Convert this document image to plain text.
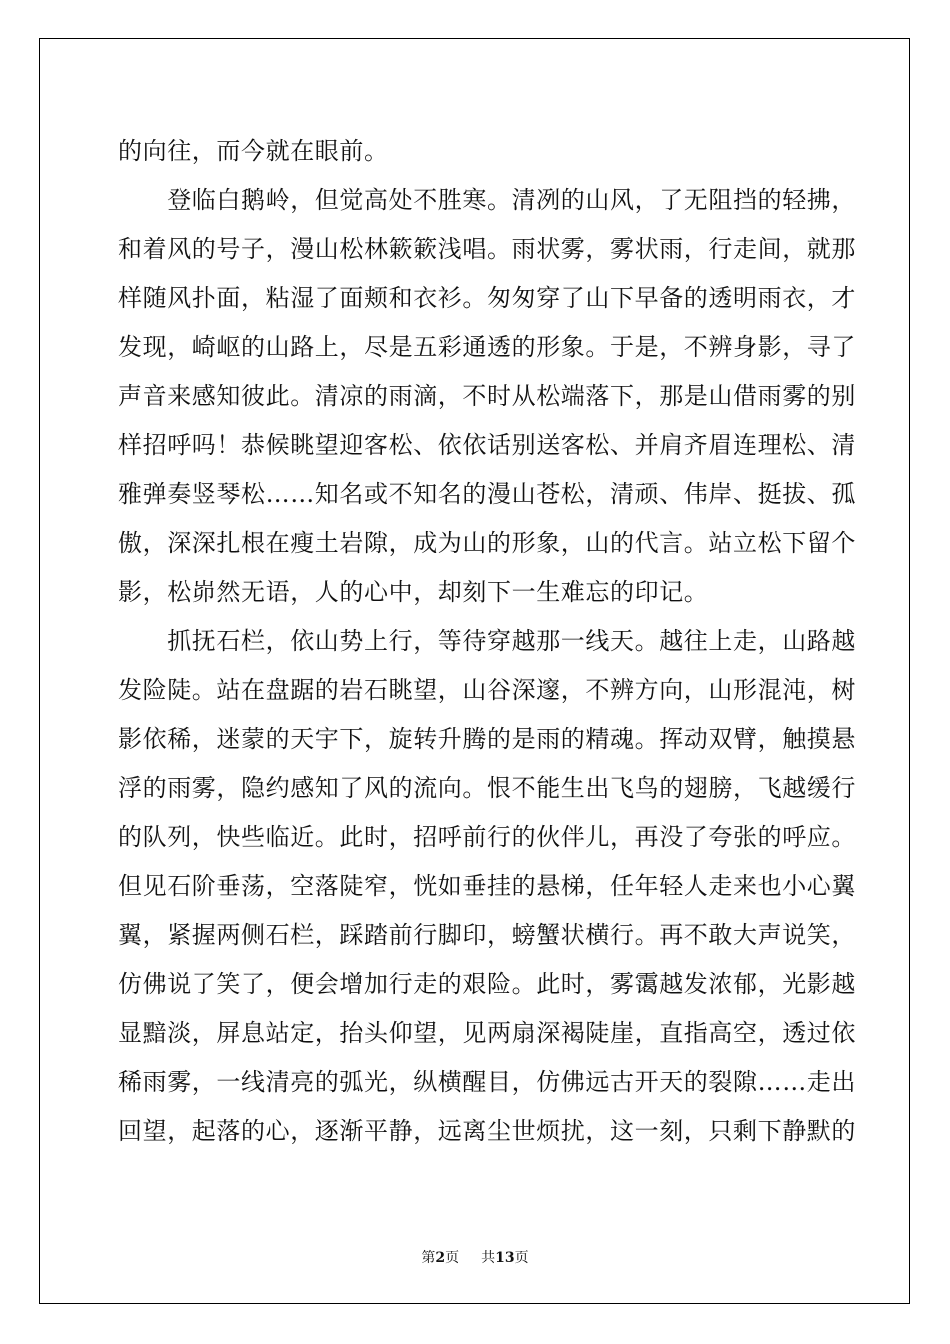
的向往，而今就在眼前。
　　登临白鹅岭，但觉高处不胜寒。清冽的山风，了无阻挡的轻拂，
和着风的号子，漫山松林簌簌浅唱。雨状雾，雾状雨，行走间，就那
样随风扑面，粘湿了面颊和衣衫。匆匆穿了山下早备的透明雨衣，才
发现，崎岖的山路上，尽是五彩通透的形象。于是，不辨身影，寻了
声音来感知彼此。清凉的雨滴，不时从松端落下，那是山借雨雾的别
样招呼吗！恭候眺望迎客松、依依话别送客松、并肩齐眉连理松、清
雅弹奏竖琴松……知名或不知名的漫山苍松，清顽、伟岸、挺拔、孤
傲，深深扎根在瘦土岩隙，成为山的形象，山的代言。站立松下留个
影，松峁然无语，人的心中，却刻下一生难忘的印记。
　　抓抚石栏，依山势上行，等待穿越那一线天。越往上走，山路越
发险陡。站在盘踞的岩石眺望，山谷深邃，不辨方向，山形混沌，树
影依稀，迷蒙的天宇下，旋转升腾的是雨的精魂。挥动双臂，触摸悬
浮的雨雾，隐约感知了风的流向。恨不能生出飞鸟的翅膀，飞越缓行
的队列，快些临近。此时，招呼前行的伙伴儿，再没了夸张的呼应。
但见石阶垂荡，空落陡窄，恍如垂挂的悬梯，任年轻人走来也小心翼
翼，紧握两侧石栏，踩踏前行脚印，螃蟹状横行。再不敢大声说笑，
仿佛说了笑了，便会增加行走的艰险。此时，雾霭越发浓郁，光影越
显黯淡，屏息站定，抬头仰望，见两扇深褐陡崖，直指高空，透过依
稀雨雾，一线清亮的弧光，纵横醒目，仿佛远古开天的裂隙……走出
回望，起落的心，逐渐平静，远离尘世烦扰，这一刻，只剩下静默的
第2页 共13页
